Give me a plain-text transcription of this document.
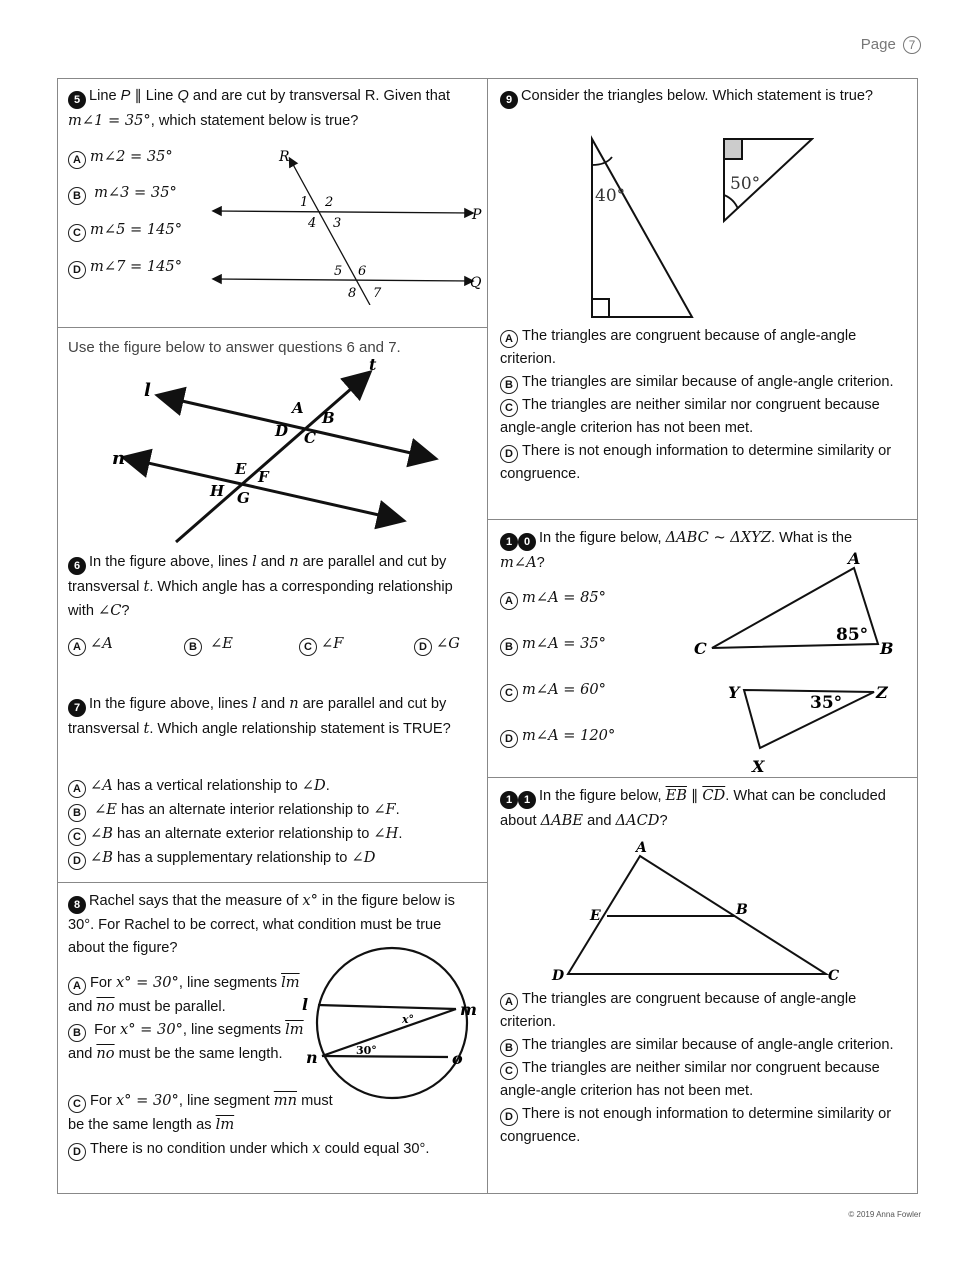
Page 7
5 Line P ∥ Line Q and are cut by transversal R. Given that m∠1 = 35°, which statement below is true?
A m∠2 = 35°
B m∠3 = 35°
C m∠5 = 145°
D m∠7 = 145°
R
P
Q
1 2
4 3
5 6
8 7
Use the figure below to answer questions 6 and 7.
l
n
t
A
B
D C
E F
H G
6 In the figure above, lines l and n are parallel and cut by transversal t. Which angle has a corresponding relationship with ∠C?
A ∠A	B ∠E	C ∠F	D ∠G
7 In the figure above, lines l and n are parallel and cut by transversal t. Which angle relationship statement is TRUE?
A ∠A has a vertical relationship to ∠D.
B ∠E has an alternate interior relationship to ∠F.
C ∠B has an alternate exterior relationship to ∠H.
D ∠B has a supplementary relationship to ∠D
8 Rachel says that the measure of x° in the figure below is 30°. For Rachel to be correct, what condition must be true about the figure?
A For x° = 30°, line segments $\overline{lm}$ and $\overline{no}$ must be parallel.
B For x° = 30°, line segments $\overline{lm}$ and $\overline{no}$ must be the same length.
C For x° = 30°, line segment $\overline{mn}$ must be the same length as $\overline{lm}$
D There is no condition under which x could equal 30°.
l	m
n	o
x°
30°
9 Consider the triangles below. Which statement is true?
40°
50°
A The triangles are congruent because of angle-angle criterion.
B The triangles are similar because of angle-angle criterion.
C The triangles are neither similar nor congruent because angle-angle criterion has not been met.
D There is not enough information to determine similarity or congruence.
1 0 In the figure below, ΔABC ~ ΔXYZ. What is the m∠A?
A m∠A = 85°
B m∠A = 35°
C m∠A = 60°
D m∠A = 120°
A
B
C
85°
Y	Z
X
35°
1 1 In the figure below, $\overline{EB}$ ∥ $\overline{CD}$. What can be concluded about ΔABE and ΔACD?
A
B
E
D	C
A The triangles are congruent because of angle-angle criterion.
B The triangles are similar because of angle-angle criterion.
C The triangles are neither similar nor congruent because angle-angle criterion has not been met.
D There is not enough information to determine similarity or congruence.
© 2019 Anna Fowler
